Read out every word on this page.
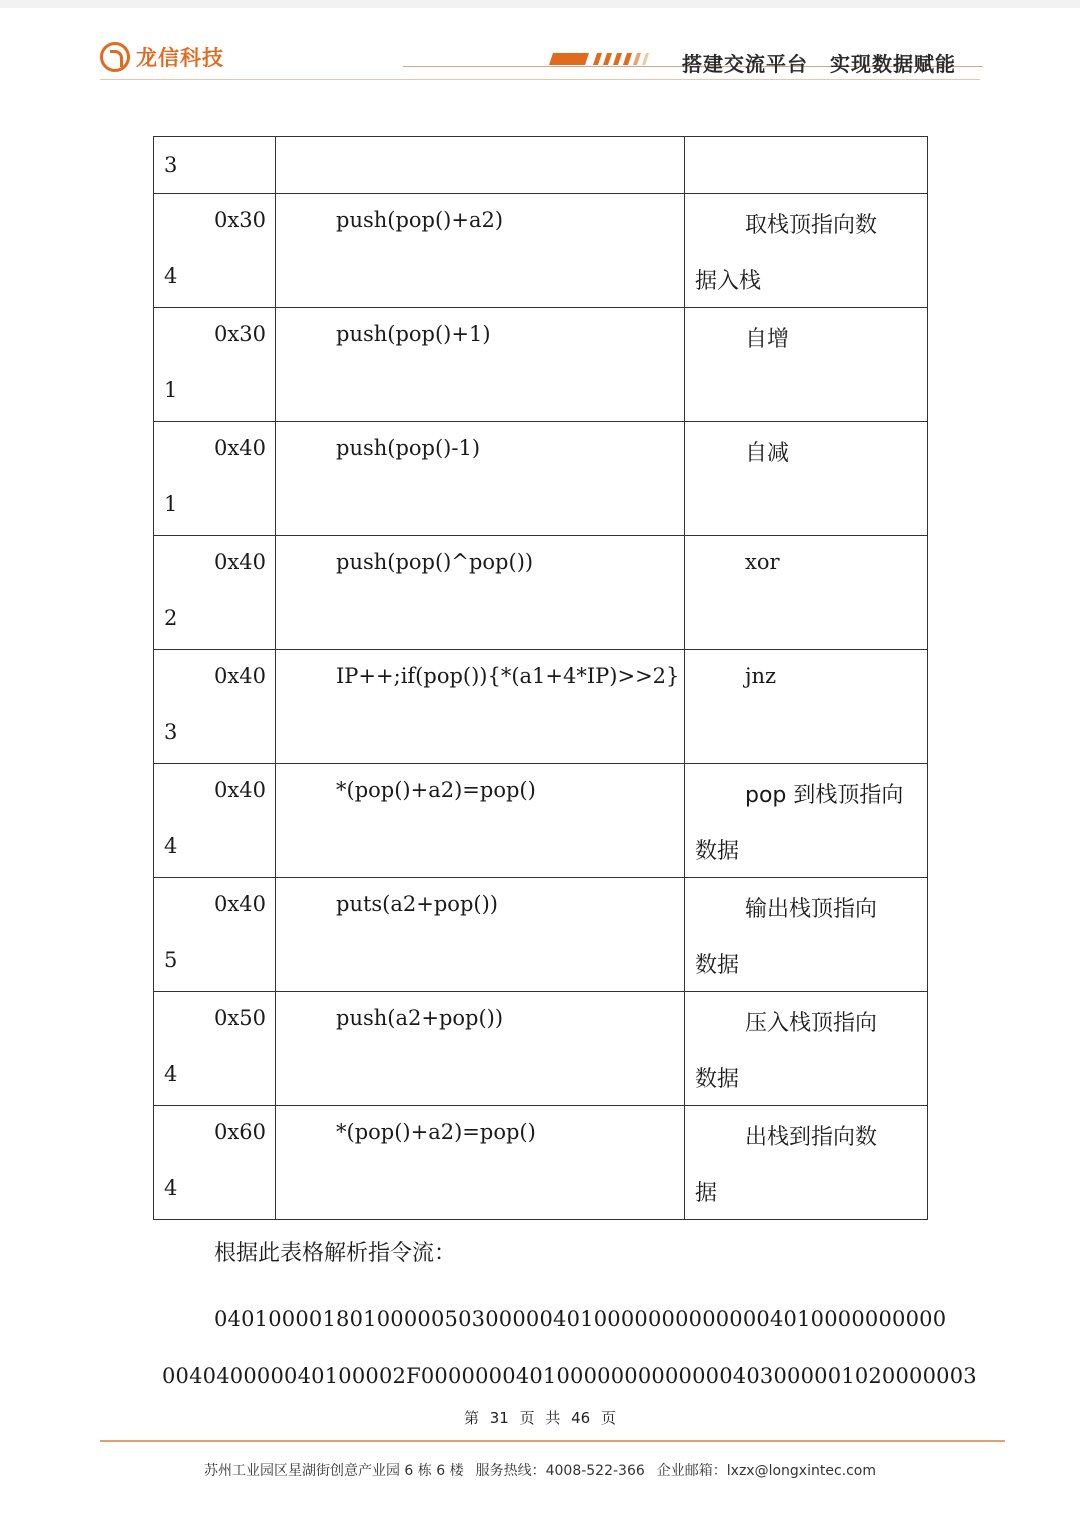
龙信科技	搭建交流平台 实现数据赋能
3		

0x30
4	push(pop()+a2)	取栈顶指向数
据入栈

0x30
1	push(pop()+1)	自增

0x40
1	push(pop()-1)	自减

0x40
2	push(pop()^pop())	xor

0x40
3	IP++;if(pop()){*(a1+4*IP)>>2}	jnz

0x40
4	*(pop()+a2)=pop()	pop 到栈顶指向
数据

0x40
5	puts(a2+pop())	输出栈顶指向
数据

0x50
4	push(a2+pop())	压入栈顶指向
数据

0x60
4	*(pop()+a2)=pop()	出栈到指向数
据
根据此表格解析指令流：
040100001801000005030000040100000000000004010000000000
004040000040100002F00000004010000000000000403000001020000003
第 31 页 共 46 页
苏州工业园区星湖街创意产业园 6 栋 6 楼 服务热线：4008-522-366 企业邮箱：lxzx@longxintec.com
